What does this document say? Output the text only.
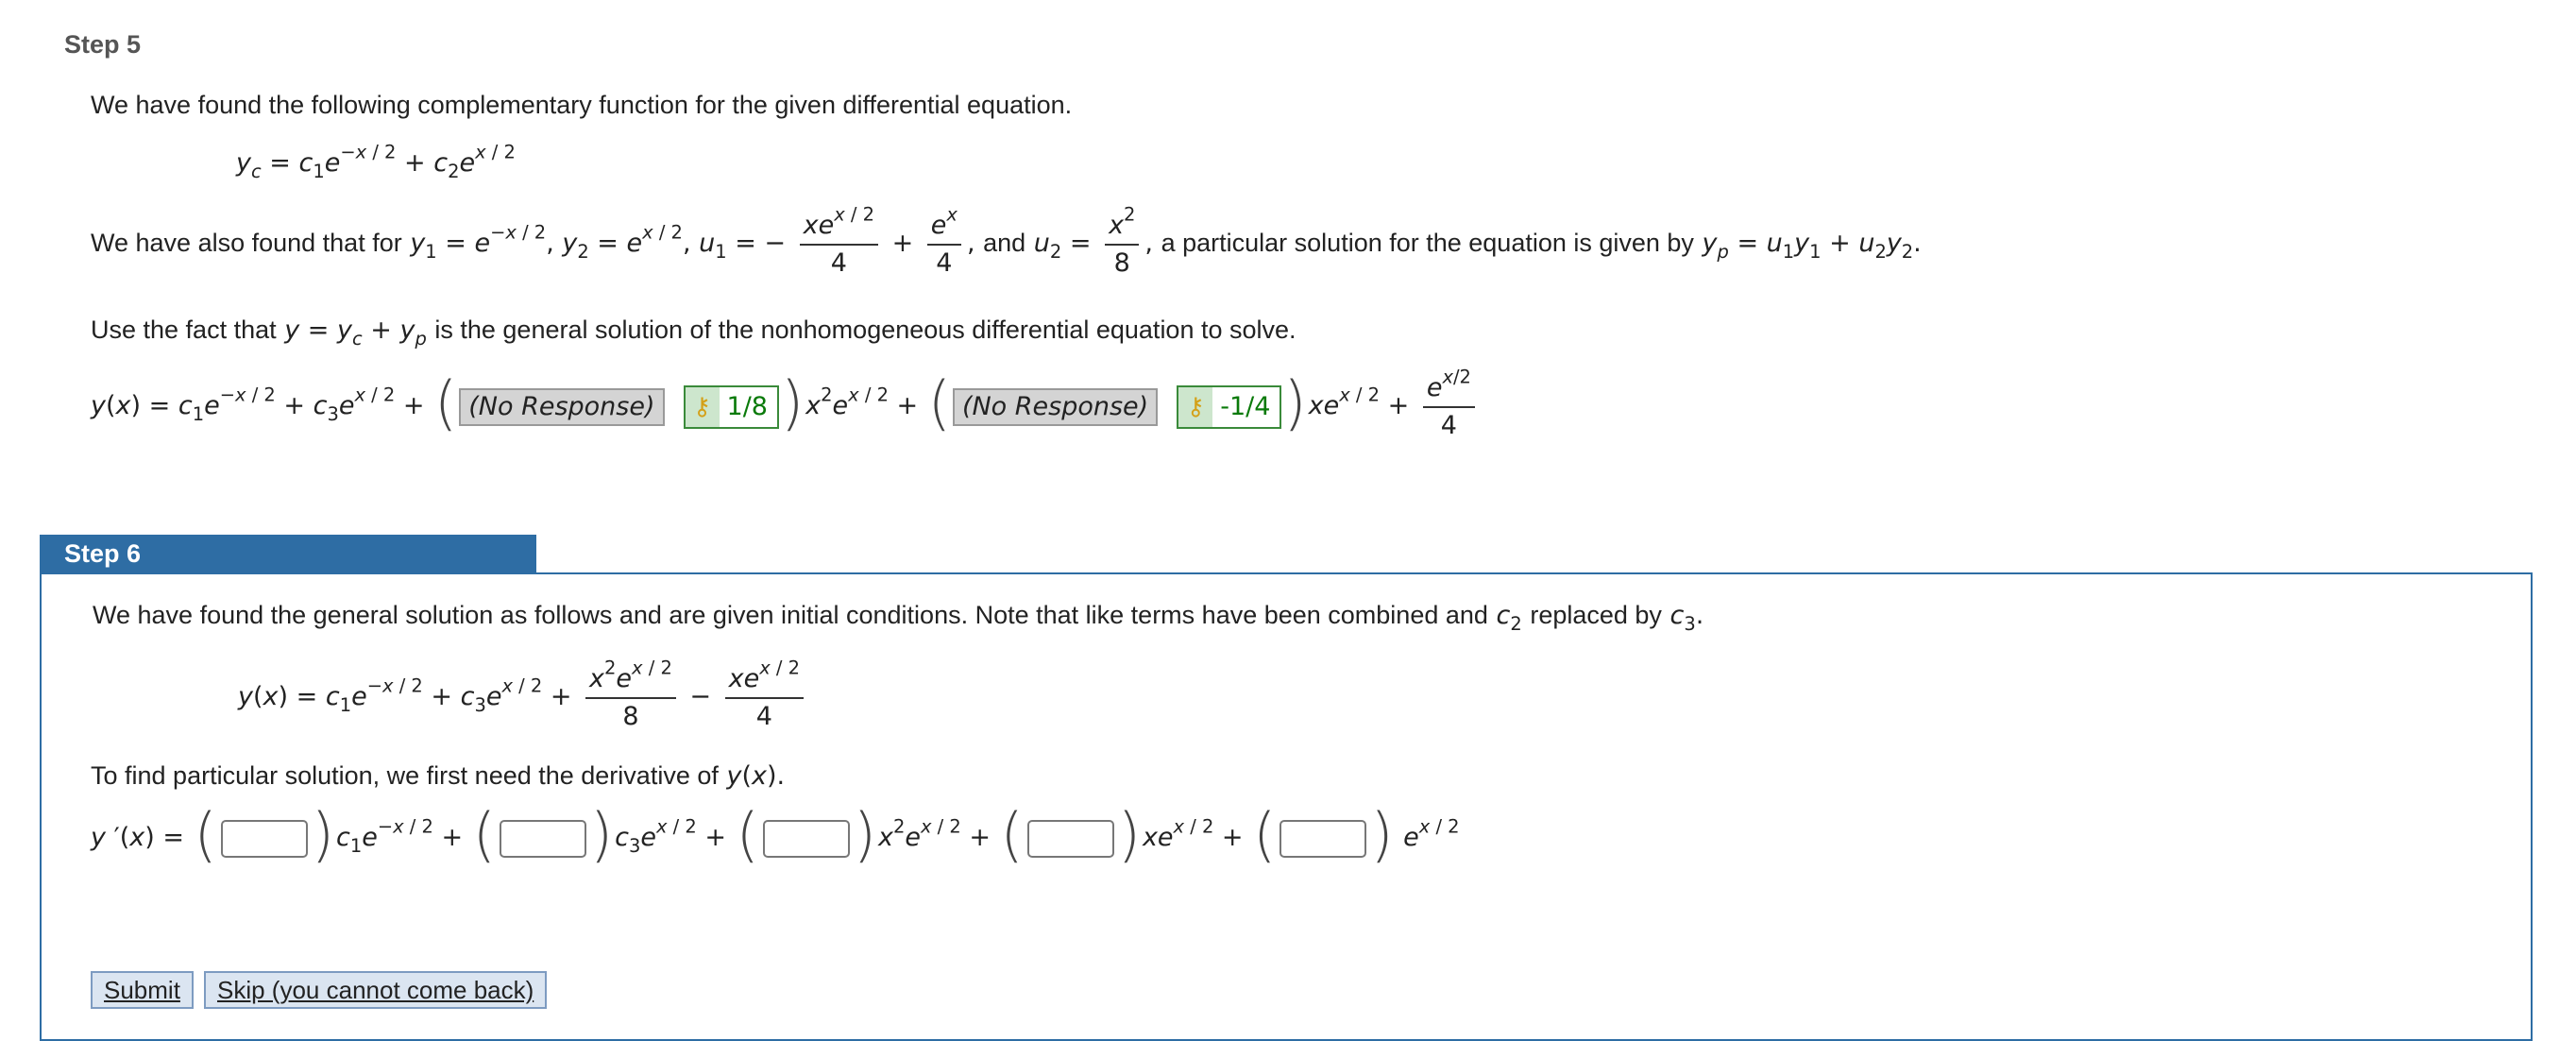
Step 5
We have found the following complementary function for the given differential equation.
$y_c = c_1e^{-x / 2} + c_2e^{x / 2}$
We have also found that for $y_1 = e^{-x / 2}$, $y_2 = e^{x / 2}$, $u_1$ = − $\frac{xe^{x / 2}}{4} + \frac{e^x}{4}$ , and $u_2 = \frac{x^2}{8}$ , a particular solution for the equation is given by $y_p = u_1y_1 + u_2y_2$.
Use the fact that $y = y_c + y_p$ is the general solution of the nonhomogeneous differential equation to solve.
$y(x) = c_1e^{-x / 2} + c_3e^{x / 2}$ + ( (No Response) ⚷ 1/8 )$x^2e^{x / 2}$ + ( (No Response) ⚷ -1/4 )$xe^{x / 2} + \frac{e^{x/2}}{4}$
Step 6
We have found the general solution as follows and are given initial conditions. Note that like terms have been combined and $c_2$ replaced by $c_3$.
$y(x) = c_1e^{-x / 2} + c_3e^{x / 2} + \frac{x^2e^{x / 2}}{8} - \frac{xe^{x / 2}}{4}$
To find particular solution, we first need the derivative of y(x).
y ′(x) = ( )$c_1e^{-x / 2}$ + ( )$c_3e^{x / 2}$ + ( )$x^2e^{x / 2}$ + ( )$xe^{x / 2}$ + ( ) $e^{x / 2}$
Submit	Skip (you cannot come back)
